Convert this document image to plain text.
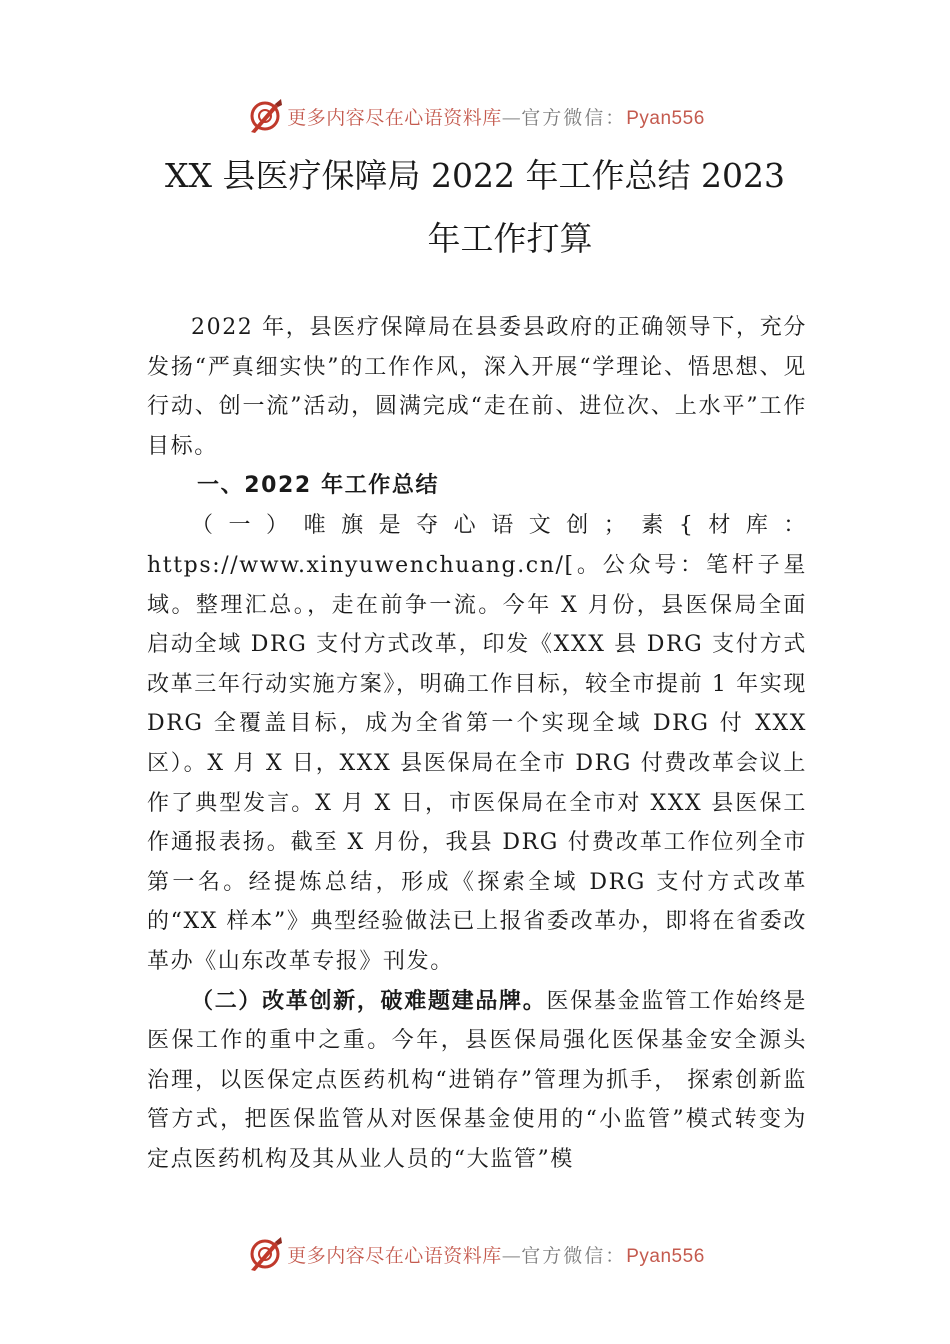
更多内容尽在心语资料库—官方微信：Pyan556
XX 县医疗保障局 2022 年工作总结 2023
年工作打算

2022 年，县医疗保障局在县委县政府的正确领导下，充分发扬“严真细实快”的工作作风，深入开展“学理论、悟思想、见行动、创一流”活动，圆满完成“走在前、进位次、上水平”工作目标。

一、2022 年工作总结

（一）唯旗是夺心语文创；素{材库：https://www.xinyuwenchuang.cn/[。公众号：笔杆子星域。整理汇总。，走在前争一流。今年 X 月份，县医保局全面启动全域 DRG 支付方式改革，印发《XXX 县 DRG 支付方式改革三年行动实施方案》，明确工作目标，较全市提前 1 年实现 DRG 全覆盖目标，成为全省第一个实现全域 DRG 付 XXX 区）。X 月 X 日，XXX 县医保局在全市 DRG 付费改革会议上作了典型发言。X 月 X 日，市医保局在全市对 XXX 县医保工作通报表扬。截至 X 月份，我县 DRG 付费改革工作位列全市第一名。经提炼总结，形成《探索全域 DRG 支付方式改革的“XX 样本”》典型经验做法已上报省委改革办，即将在省委改革办《山东改革专报》刊发。

（二）改革创新，破难题建品牌。医保基金监管工作始终是医保工作的重中之重。今年，县医保局强化医保基金安全源头治理，以医保定点医药机构“进销存”管理为抓手， 探索创新监管方式，把医保监管从对医保基金使用的“小监管”模式转变为定点医药机构及其从业人员的“大监管”模

更多内容尽在心语资料库—官方微信：Pyan556
